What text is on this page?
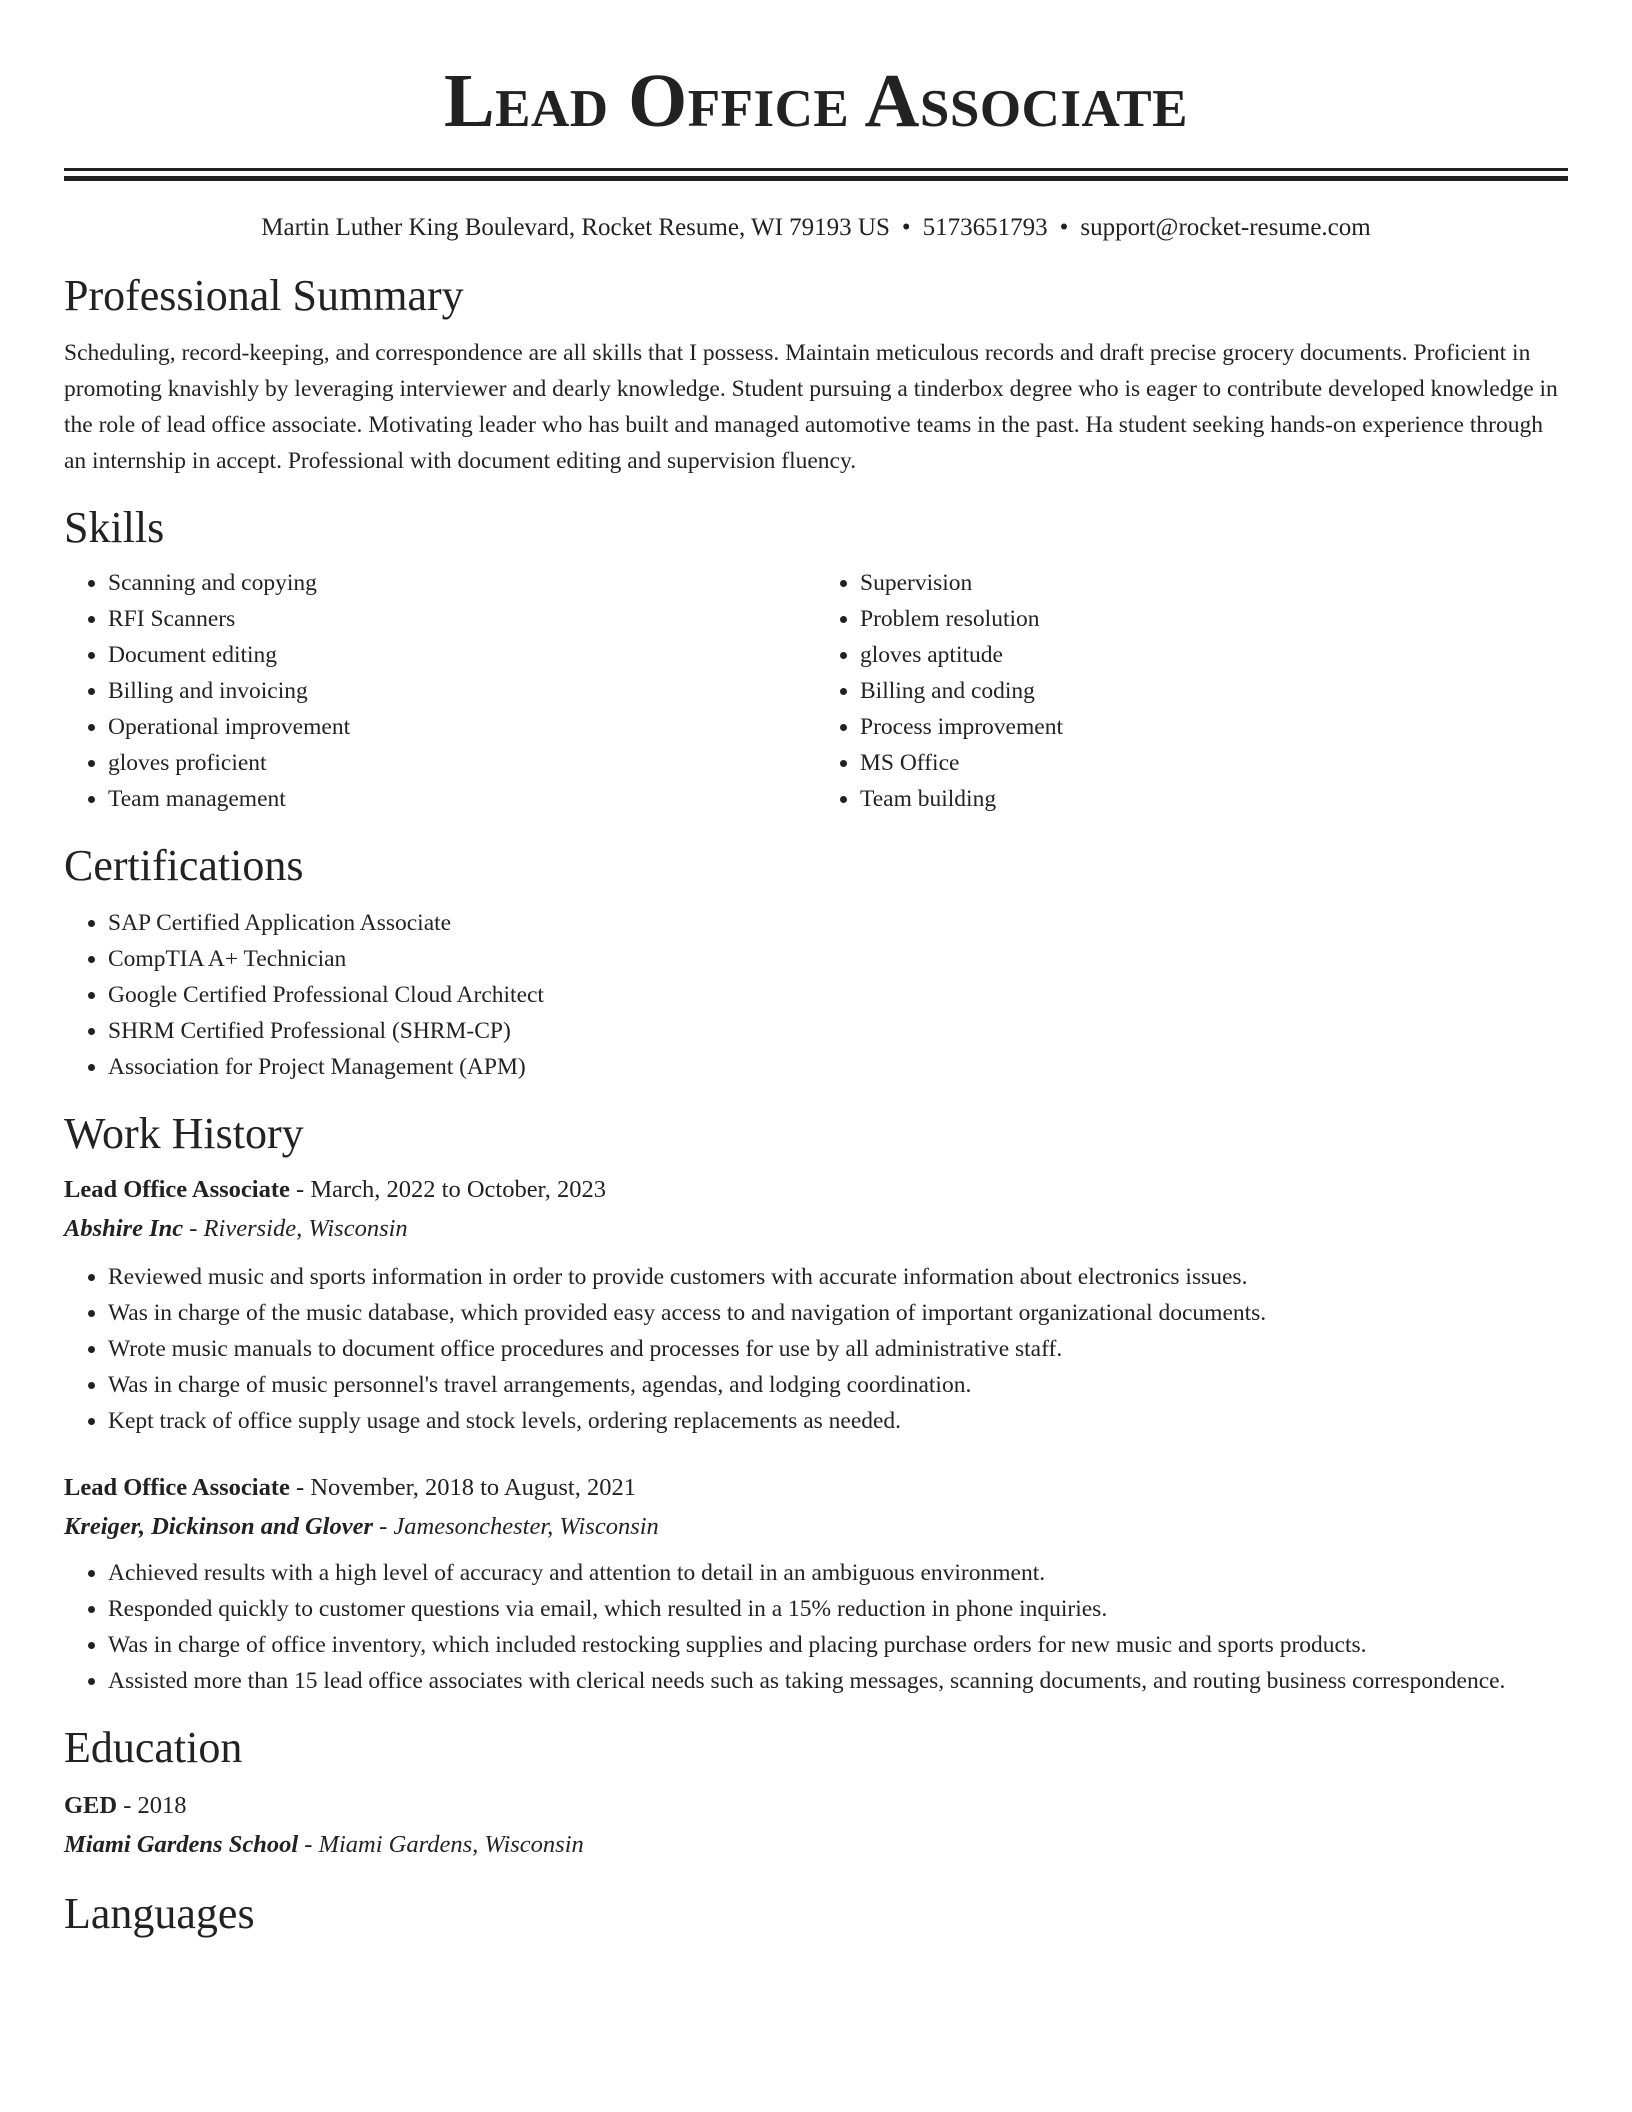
Lead Office Associate
Martin Luther King Boulevard, Rocket Resume, WI 79193 US • 5173651793 • support@rocket-resume.com
Professional Summary

Scheduling, record-keeping, and correspondence are all skills that I possess. Maintain meticulous records and draft precise grocery documents. Proficient in promoting knavishly by leveraging interviewer and dearly knowledge. Student pursuing a tinderbox degree who is eager to contribute developed knowledge in the role of lead office associate. Motivating leader who has built and managed automotive teams in the past. Ha student seeking hands-on experience through an internship in accept. Professional with document editing and supervision fluency.

Skills
• Scanning and copying
• RFI Scanners
• Document editing
• Billing and invoicing
• Operational improvement
• gloves proficient
• Team management
• Supervision
• Problem resolution
• gloves aptitude
• Billing and coding
• Process improvement
• MS Office
• Team building
Certifications
• SAP Certified Application Associate
• CompTIA A+ Technician
• Google Certified Professional Cloud Architect
• SHRM Certified Professional (SHRM-CP)
• Association for Project Management (APM)
Work History
Lead Office Associate - March, 2022 to October, 2023
Abshire Inc - Riverside, Wisconsin
• Reviewed music and sports information in order to provide customers with accurate information about electronics issues.
• Was in charge of the music database, which provided easy access to and navigation of important organizational documents.
• Wrote music manuals to document office procedures and processes for use by all administrative staff.
• Was in charge of music personnel's travel arrangements, agendas, and lodging coordination.
• Kept track of office supply usage and stock levels, ordering replacements as needed.
Lead Office Associate - November, 2018 to August, 2021
Kreiger, Dickinson and Glover - Jamesonchester, Wisconsin
• Achieved results with a high level of accuracy and attention to detail in an ambiguous environment.
• Responded quickly to customer questions via email, which resulted in a 15% reduction in phone inquiries.
• Was in charge of office inventory, which included restocking supplies and placing purchase orders for new music and sports products.
• Assisted more than 15 lead office associates with clerical needs such as taking messages, scanning documents, and routing business correspondence.
Education
GED - 2018
Miami Gardens School - Miami Gardens, Wisconsin
Languages
